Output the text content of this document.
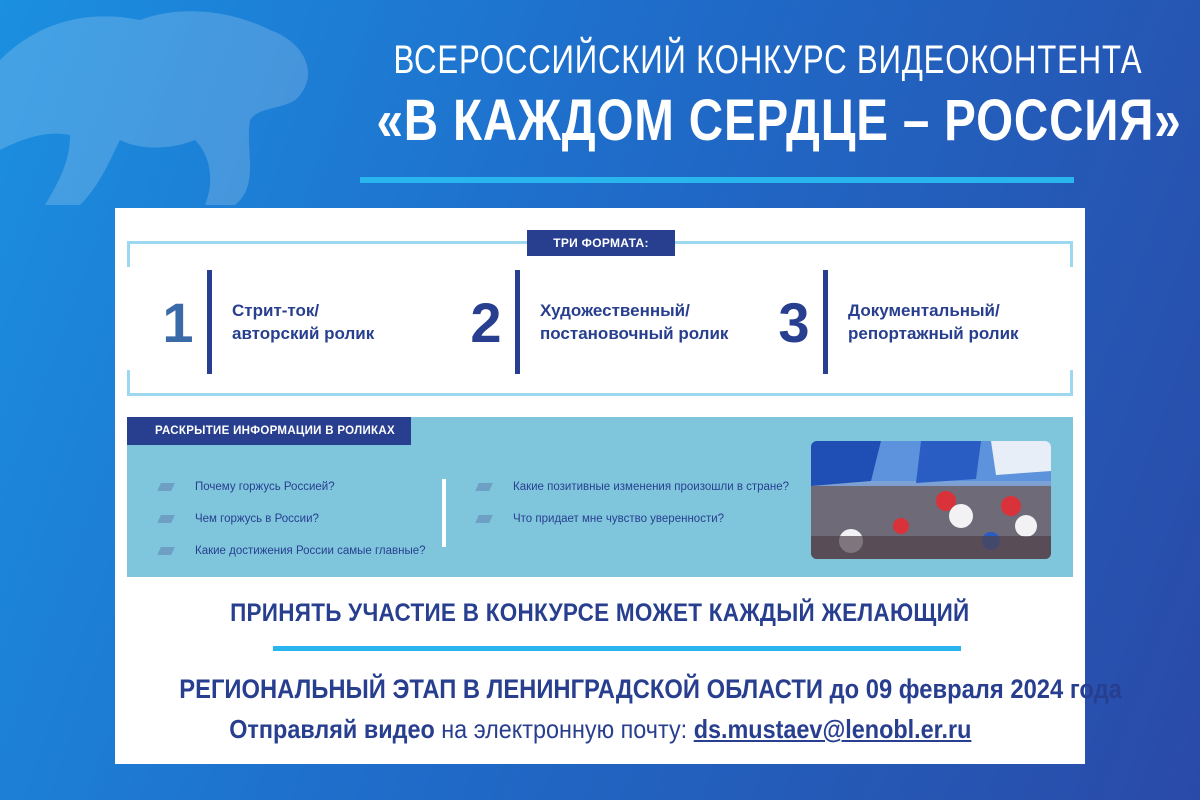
ВСЕРОССИЙСКИЙ КОНКУРС ВИДЕОКОНТЕНТА
«В КАЖДОМ СЕРДЦЕ – РОССИЯ»
ТРИ ФОРМАТА:
1	Стрит-ток/
авторский ролик 2	Художественный/
постановочный ролик 3	Документальный/
репортажный ролик
РАСКРЫТИЕ ИНФОРМАЦИИ В РОЛИКАХ
Почему горжусь Россией?
Чем горжусь в России?
Какие достижения России самые главные?
Какие позитивные изменения произошли в стране?
Что придает мне чувство уверенности?
ПРИНЯТЬ УЧАСТИЕ В КОНКУРСЕ МОЖЕТ КАЖДЫЙ ЖЕЛАЮЩИЙ
РЕГИОНАЛЬНЫЙ ЭТАП В ЛЕНИНГРАДСКОЙ ОБЛАСТИ до 09 февраля 2024 года
Отправляй видео на электронную почту: ds.mustaev@lenobl.er.ru
